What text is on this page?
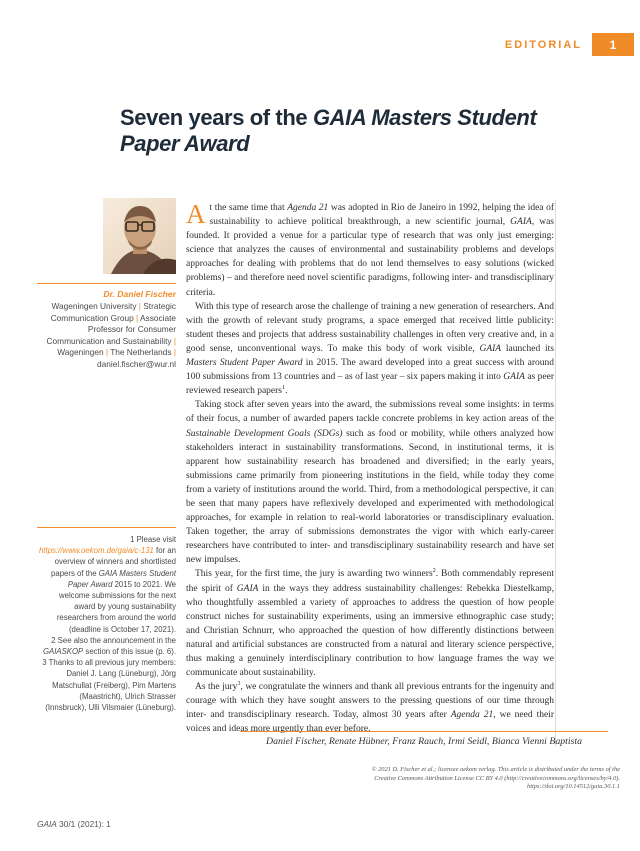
EDITORIAL	1
Seven years of the GAIA Masters Student Paper Award
Dr. Daniel Fischer
Wageningen University | Strategic Communication Group | Associate Professor for Consumer Communication and Sustainability | Wageningen | The Netherlands | daniel.fischer@wur.nl
1 Please visit https://www.oekom.de/gaia/c-131 for an overview of winners and shortlisted papers of the GAIA Masters Student Paper Award 2015 to 2021. We welcome submissions for the next award by young sustainability researchers from around the world (deadline is October 17, 2021).
2 See also the announcement in the GAIASKOP section of this issue (p. 6).
3 Thanks to all previous jury members: Daniel J. Lang (Lüneburg), Jörg Matschullat (Freiberg), Pim Martens (Maastricht), Ulrich Strasser (Innsbruck), Ulli Vilsmaier (Lüneburg).

At the same time that Agenda 21 was adopted in Rio de Janeiro in 1992, helping the idea of sustainability to achieve political breakthrough, a new scientific journal, GAIA, was founded. It provided a venue for a particular type of research that was only just emerging: science that analyzes the causes of environmental and sustainability problems and develops approaches for dealing with problems that do not lend themselves to easy solutions (wicked problems) – and therefore need novel scientific paradigms, following inter- and transdisciplinary criteria.

With this type of research arose the challenge of training a new generation of researchers. And with the growth of relevant study programs, a space emerged that received little publicity: student theses and projects that address sustainability challenges in often very creative and, in a good sense, unconventional ways. To make this body of work visible, GAIA launched its Masters Student Paper Award in 2015. The award developed into a great success with around 100 submissions from 13 countries and – as of last year – six papers making it into GAIA as peer reviewed research papers$^1$.

Taking stock after seven years into the award, the submissions reveal some insights: in terms of their focus, a number of awarded papers tackle concrete problems in key action areas of the Sustainable Development Goals (SDGs) such as food or mobility, while others analyzed how stakeholders interact in sustainability transformations. Second, in institutional terms, it is apparent how sustainability research has broadened and diversified; in the early years, submissions came primarily from pioneering institutions in the field, while today they come from a variety of institutions around the world. Third, from a methodological perspective, it can be seen that many papers have reflexively developed and experimented with methodological approaches, for example in relation to real-world laboratories or transdisciplinary evaluation. Taken together, the array of submissions demonstrates the vigor with which early-career researchers have contributed to inter- and transdisciplinary sustainability research and have set new impulses.

This year, for the first time, the jury is awarding two winners$^2$. Both commendably represent the spirit of GAIA in the ways they address sustainability challenges: Rebekka Diestelkamp, who thoughtfully assembled a variety of approaches to address the question of how people construct niches for sustainability experiments, using an immersive ethnographic case study; and Christian Schnurr, who approached the question of how differently distinctions between natural and artificial substances are constructed from a natural and literary science perspective, thus making a genuinely interdisciplinary contribution to how language frames the way we communicate about sustainability.

As the jury$^3$, we congratulate the winners and thank all previous entrants for the ingenuity and courage with which they have sought answers to the pressing questions of our time through inter- and transdisciplinary research. Today, almost 30 years after Agenda 21, we need their voices and ideas more urgently than ever before.

Daniel Fischer, Renate Hübner, Franz Rauch, Irmi Seidl, Bianca Vienni Baptista
© 2021 D. Fischer et al.; licensee oekom verlag. This article is distributed under the terms of the
Creative Commons Attribution License CC BY 4.0 (http://creativecommons.org/licenses/by/4.0).
https://doi.org/10.14512/gaia.30.1.1
GAIA 30/1 (2021): 1
